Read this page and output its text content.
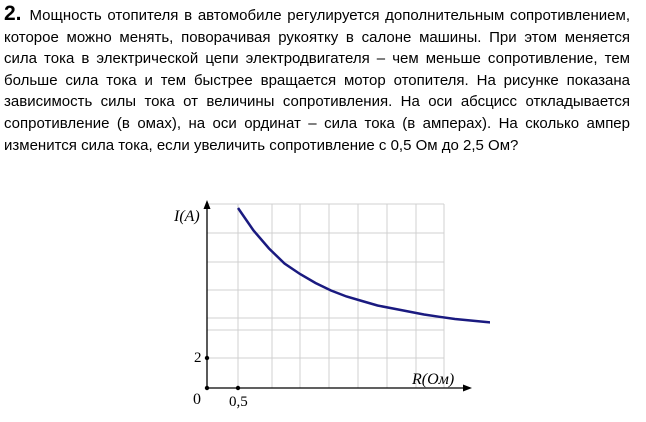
2. Мощность отопителя в автомобиле регулируется дополнительным сопротивлением, которое можно менять, поворачивая рукоятку в салоне машины. При этом меняется сила тока в электрической цепи электродвигателя – чем меньше сопротивление, тем больше сила тока и тем быстрее вращается мотор отопителя. На рисунке показана зависимость силы тока от величины сопротивления. На оси абсцисс откладывается сопротивление (в омах), на оси ординат – сила тока (в амперах). На сколько ампер изменится сила тока, если увеличить сопротивление с 0,5 Ом до 2,5 Ом?

I(A)
R(Ом)
0
2
0,5
